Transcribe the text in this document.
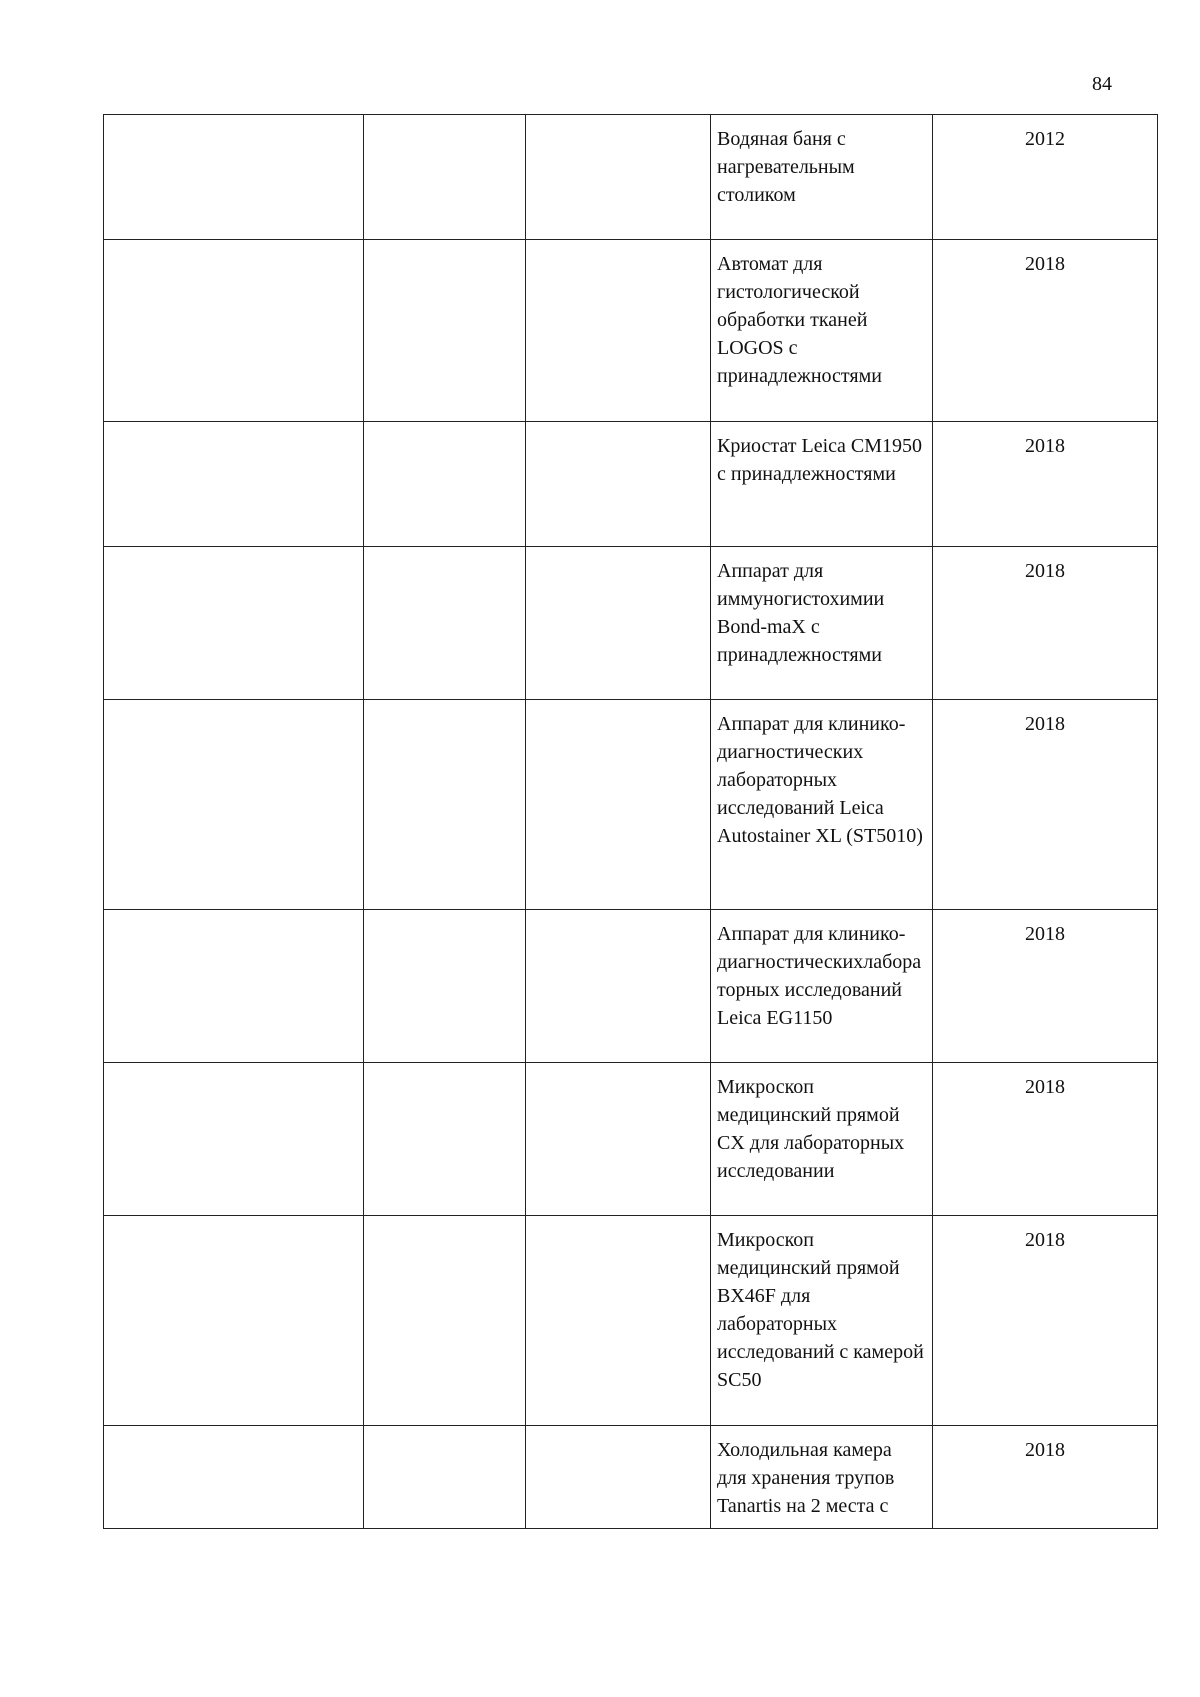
84
			Водяная баня с нагревательным столиком	2012
			Автомат для гистологической обработки тканей LOGOS с принадлежностями	2018
			Криостат Leica CM1950 с принадлежностями	2018
			Аппарат для иммуногистохимии Bond-maX с принадлежностями	2018
			Аппарат для клинико-диагностических лабораторных исследований Leica Autostainer XL (ST5010)	2018
			Аппарат для клинико-диагностическихлабораторных исследований Leica EG1150	2018
			Микроскоп медицинский прямой CX для лабораторных исследовании	2018
			Микроскоп медицинский прямой BX46F для лабораторных исследований с камерой SC50	2018
			Холодильная камера для хранения трупов Tanartis на 2 места с	2018
